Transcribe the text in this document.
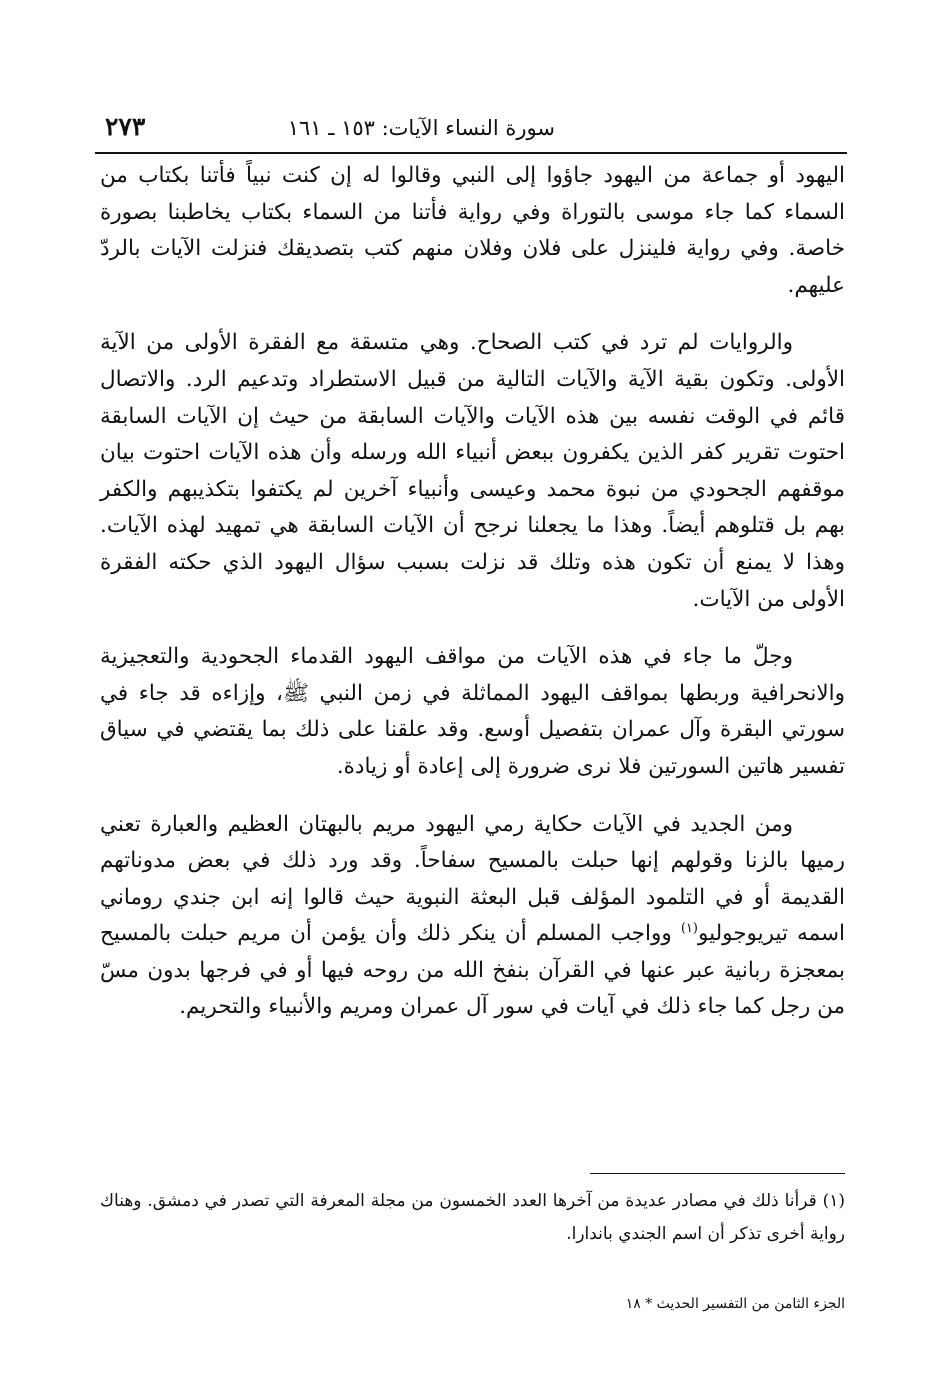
سورة النساء الآيات: ١٥٣ ـ ١٦١
٢٧٣

اليهود أو جماعة من اليهود جاؤوا إلى النبي وقالوا له إن كنت نبياً فأتنا بكتاب من السماء كما جاء موسى بالتوراة وفي رواية فأتنا من السماء بكتاب يخاطبنا بصورة خاصة. وفي رواية فلينزل على فلان وفلان منهم كتب بتصديقك فنزلت الآيات بالردّ عليهم.

والروايات لم ترد في كتب الصحاح. وهي متسقة مع الفقرة الأولى من الآية الأولى. وتكون بقية الآية والآيات التالية من قبيل الاستطراد وتدعيم الرد. والاتصال قائم في الوقت نفسه بين هذه الآيات والآيات السابقة من حيث إن الآيات السابقة احتوت تقرير كفر الذين يكفرون ببعض أنبياء الله ورسله وأن هذه الآيات احتوت بيان موقفهم الجحودي من نبوة محمد وعيسى وأنبياء آخرين لم يكتفوا بتكذيبهم والكفر بهم بل قتلوهم أيضاً. وهذا ما يجعلنا نرجح أن الآيات السابقة هي تمهيد لهذه الآيات. وهذا لا يمنع أن تكون هذه وتلك قد نزلت بسبب سؤال اليهود الذي حكته الفقرة الأولى من الآيات.

وجلّ ما جاء في هذه الآيات من مواقف اليهود القدماء الجحودية والتعجيزية والانحرافية وربطها بمواقف اليهود المماثلة في زمن النبي ﷺ، وإزاءه قد جاء في سورتي البقرة وآل عمران بتفصيل أوسع. وقد علقنا على ذلك بما يقتضي في سياق تفسير هاتين السورتين فلا نرى ضرورة إلى إعادة أو زيادة.

ومن الجديد في الآيات حكاية رمي اليهود مريم بالبهتان العظيم والعبارة تعني رميها بالزنا وقولهم إنها حبلت بالمسيح سفاحاً. وقد ورد ذلك في بعض مدوناتهم القديمة أو في التلمود المؤلف قبل البعثة النبوية حيث قالوا إنه ابن جندي روماني اسمه تيريوجوليو$^{(١)}$ وواجب المسلم أن ينكر ذلك وأن يؤمن أن مريم حبلت بالمسيح بمعجزة ربانية عبر عنها في القرآن بنفخ الله من روحه فيها أو في فرجها بدون مسّ من رجل كما جاء ذلك في آيات في سور آل عمران ومريم والأنبياء والتحريم.

(١) قرأنا ذلك في مصادر عديدة من آخرها العدد الخمسون من مجلة المعرفة التي تصدر في دمشق. وهناك رواية أخرى تذكر أن اسم الجندي باندارا.

الجزء الثامن من التفسير الحديث * ١٨
